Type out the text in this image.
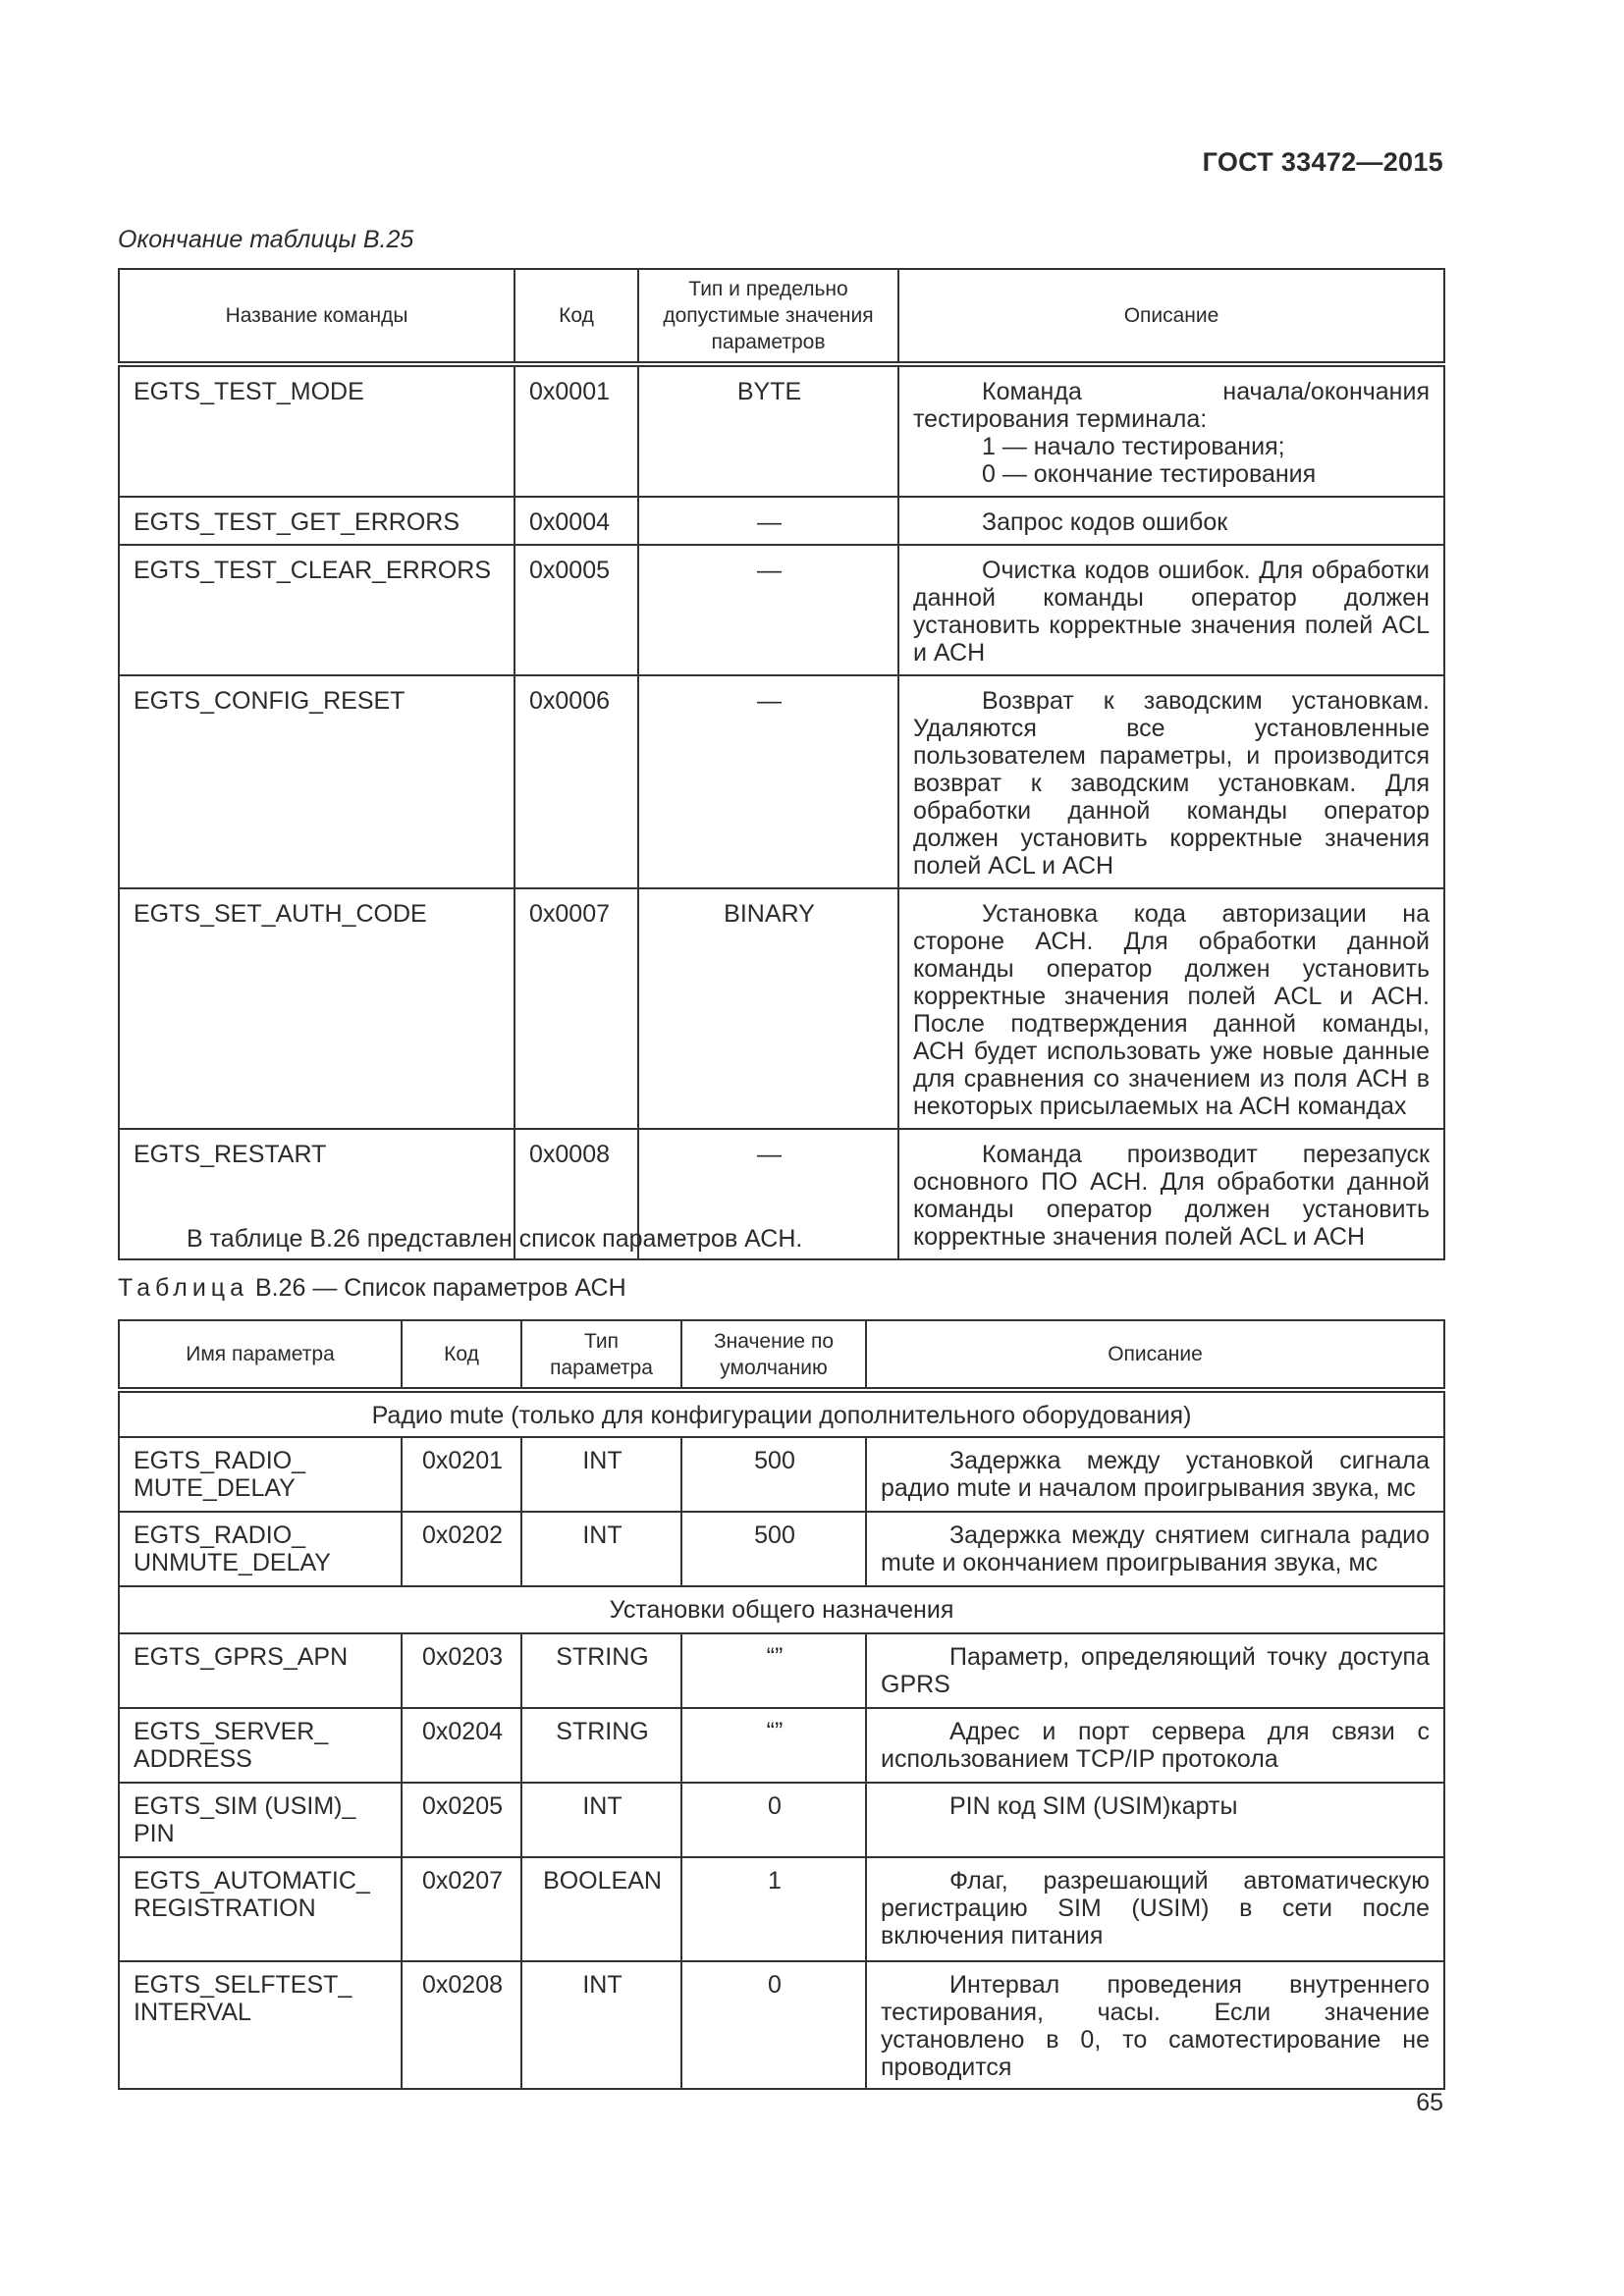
ГОСТ 33472—2015
Окончание таблицы В.25
Название команды	Код	Тип и предельно допустимые значения параметров	Описание
EGTS_TEST_MODE	0x0001	BYTE	Команда начала/окончания тестирования терминала:
1 — начало тестирования;
0 — окончание тестирования

EGTS_TEST_GET_ERRORS	0x0004	—	Запрос кодов ошибок
EGTS_TEST_CLEAR_ERRORS	0x0005	—	Очистка кодов ошибок. Для обработки данной команды оператор должен установить корректные значения полей ACL и АСН
EGTS_CONFIG_RESET	0x0006	—	Возврат к заводским установкам. Удаляются все установленные пользователем параметры, и производится возврат к заводским установкам. Для обработки данной команды оператор должен установить корректные значения полей ACL и АСН
EGTS_SET_AUTH_CODE	0x0007	BINARY	Установка кода авторизации на стороне АСН. Для обработки данной команды оператор должен установить корректные значения полей ACL и АСН. После подтверждения данной команды, АСН будет использовать уже новые данные для сравнения со значением из поля АСН в некоторых присылаемых на АСН командах
EGTS_RESTART	0x0008	—	Команда производит перезапуск основного ПО АСН. Для обработки данной команды оператор должен установить корректные значения полей ACL и АСН
В таблице В.26 представлен список параметров АСН.
Таблица В.26 — Список параметров АСН
Имя параметра	Код	Тип параметра	Значение по умолчанию	Описание
Радио mute (только для конфигурации дополнительного оборудования)				
EGTS_RADIO_ MUTE_DELAY	0x0201	INT	500	Задержка между установкой сигнала радио mute и началом проигрывания звука, мс
EGTS_RADIO_ UNMUTE_DELAY	0x0202	INT	500	Задержка между снятием сигнала радио mute и окончанием проигрывания звука, мс
Установки общего назначения				
EGTS_GPRS_APN	0x0203	STRING	“”	Параметр, определяющий точку доступа GPRS
EGTS_SERVER_ ADDRESS	0x0204	STRING	“”	Адрес и порт сервера для связи с использованием TCP/IP протокола
EGTS_SIM (USIM)_ PIN	0x0205	INT	0	PIN код SIM (USIM)карты
EGTS_AUTOMATIC_ REGISTRATION	0x0207	BOOLEAN	1	Флаг, разрешающий автоматическую регистрацию SIM (USIM) в сети после включения питания
EGTS_SELFTEST_ INTERVAL	0x0208	INT	0	Интервал проведения внутреннего тестирования, часы. Если значение установлено в 0, то самотестирование не проводится
65
